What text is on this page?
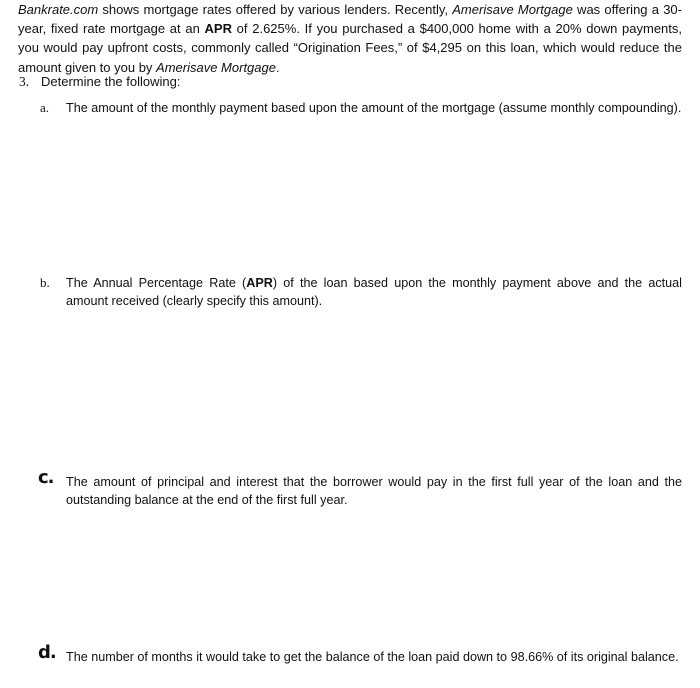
Bankrate.com shows mortgage rates offered by various lenders. Recently, Amerisave Mortgage was offering a 30-year, fixed rate mortgage at an APR of 2.625%. If you purchased a $400,000 home with a 20% down payments, you would pay upfront costs, commonly called “Origination Fees,” of $4,295 on this loan, which would reduce the amount given to you by Amerisave Mortgage.
3. Determine the following:
a. The amount of the monthly payment based upon the amount of the mortgage (assume monthly compounding).
b. The Annual Percentage Rate (APR) of the loan based upon the monthly payment above and the actual amount received (clearly specify this amount).
c. The amount of principal and interest that the borrower would pay in the first full year of the loan and the outstanding balance at the end of the first full year.
d. The number of months it would take to get the balance of the loan paid down to 98.66% of its original balance.
